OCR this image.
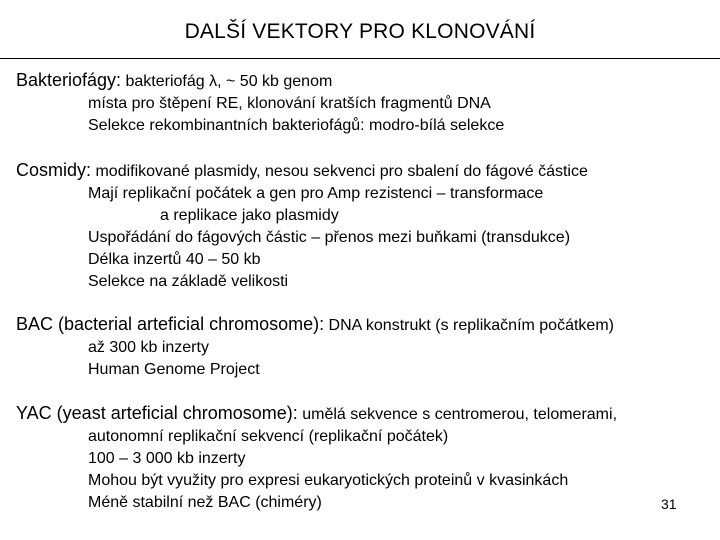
DALŠÍ VEKTORY PRO KLONOVÁNÍ
Bakteriofágy: bakteriofág λ, ~ 50 kb genom
místa pro štěpení RE, klonování kratších fragmentů DNA
Selekce rekombinantních bakteriofágů: modro-bílá selekce
Cosmidy: modifikované plasmidy, nesou sekvenci pro sbalení do fágové částice
Mají replikační počátek a gen pro Amp rezistenci – transformace
a replikace jako plasmidy
Uspořádání do fágových částic – přenos mezi buňkami (transdukce)
Délka inzertů 40 – 50 kb
Selekce na základě velikosti
BAC (bacterial arteficial chromosome): DNA konstrukt (s replikačním počátkem)
až 300 kb inzerty
Human Genome Project
YAC (yeast arteficial chromosome): umělá sekvence s centromerou, telomerami,
autonomní replikační sekvencí (replikační počátek)
100 – 3 000 kb inzerty
Mohou být využity pro expresi eukaryotických proteinů v kvasinkách
Méně stabilní než BAC (chiméry)	31
